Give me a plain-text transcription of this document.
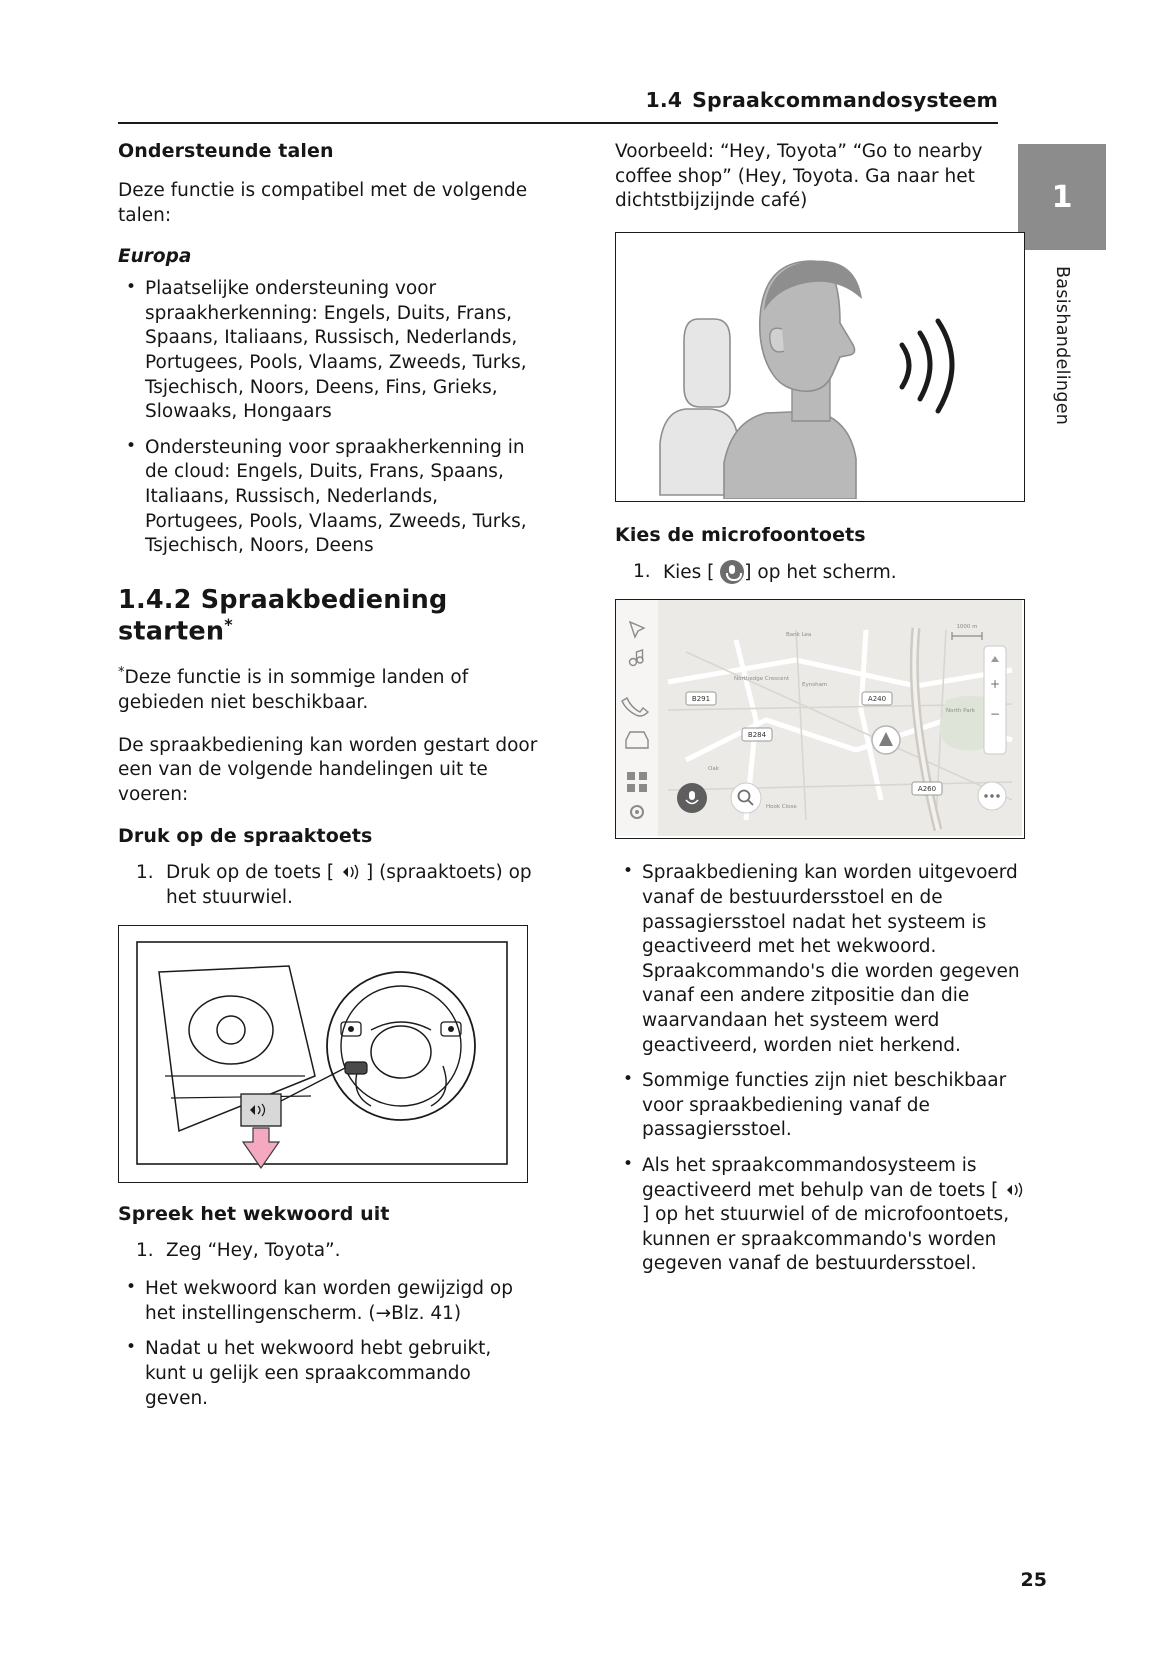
1.4 Spraakcommandosysteem
1
Basishandelingen
Ondersteunde talen

Deze functie is compatibel met de volgende talen:

Europa
• Plaatselijke ondersteuning voor spraakherkenning: Engels, Duits, Frans, Spaans, Italiaans, Russisch, Nederlands, Portugees, Pools, Vlaams, Zweeds, Turks, Tsjechisch, Noors, Deens, Fins, Grieks, Slowaaks, Hongaars
• Ondersteuning voor spraakherkenning in de cloud: Engels, Duits, Frans, Spaans, Italiaans, Russisch, Nederlands, Portugees, Pools, Vlaams, Zweeds, Turks, Tsjechisch, Noors, Deens
1.4.2 Spraakbediening starten*

*Deze functie is in sommige landen of gebieden niet beschikbaar.

De spraakbediening kan worden gestart door een van de volgende handelingen uit te voeren:

Druk op de spraaktoets
1. Druk op de toets [ ] (spraaktoets) op het stuurwiel.
Spreek het wekwoord uit
1. Zeg “Hey, Toyota”.
• Het wekwoord kan worden gewijzigd op het instellingenscherm. (→Blz. 41)
• Nadat u het wekwoord hebt gebruikt, kunt u gelijk een spraakcommando geven.

Voorbeeld: “Hey, Toyota” “Go to nearby coffee shop” (Hey, Toyota. Ga naar het dichtstbijzijnde café)

Kies de microfoontoets
1. Kies [ ] op het scherm.
B291
B284
A240
A260
Bank Lea
Northedge Crescent
Eynsham
North Park
Oak
Hook Close
+
−
1000 m
• Spraakbediening kan worden uitgevoerd vanaf de bestuurdersstoel en de passagiersstoel nadat het systeem is geactiveerd met het wekwoord. Spraakcommando's die worden gegeven vanaf een andere zitpositie dan die waarvandaan het systeem werd geactiveerd, worden niet herkend.
• Sommige functies zijn niet beschikbaar voor spraakbediening vanaf de passagiersstoel.
• Als het spraakcommandosysteem is geactiveerd met behulp van de toets [ ] op het stuurwiel of de microfoontoets, kunnen er spraakcommando's worden gegeven vanaf de bestuurdersstoel.
25
